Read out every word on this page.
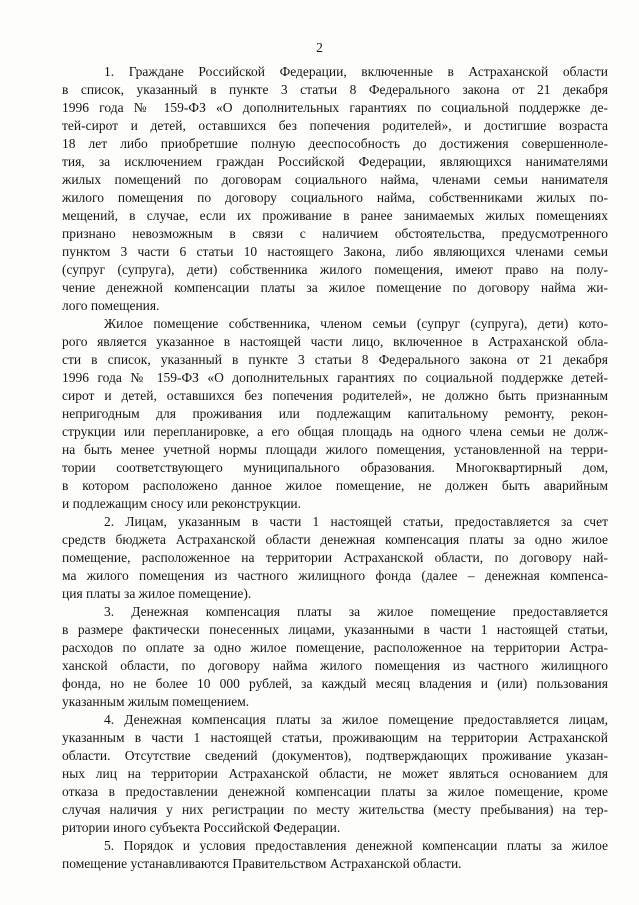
2
1. Граждане Российской Федерации, включенные в Астраханской области
в список, указанный в пункте 3 статьи 8 Федерального закона от 21 декабря
1996 года № 159-ФЗ «О дополнительных гарантиях по социальной поддержке де-
тей-сирот и детей, оставшихся без попечения родителей», и достигшие возраста
18 лет либо приобретшие полную дееспособность до достижения совершенноле-
тия, за исключением граждан Российской Федерации, являющихся нанимателями
жилых помещений по договорам социального найма, членами семьи нанимателя
жилого помещения по договору социального найма, собственниками жилых по-
мещений, в случае, если их проживание в ранее занимаемых жилых помещениях
признано невозможным в связи с наличием обстоятельства, предусмотренного
пунктом 3 части 6 статьи 10 настоящего Закона, либо являющихся членами семьи
(супруг (супруга), дети) собственника жилого помещения, имеют право на полу-
чение денежной компенсации платы за жилое помещение по договору найма жи-
лого помещения.
Жилое помещение собственника, членом семьи (супруг (супруга), дети) кото-
рого является указанное в настоящей части лицо, включенное в Астраханской обла-
сти в список, указанный в пункте 3 статьи 8 Федерального закона от 21 декабря
1996 года № 159-ФЗ «О дополнительных гарантиях по социальной поддержке детей-
сирот и детей, оставшихся без попечения родителей», не должно быть признанным
непригодным для проживания или подлежащим капитальному ремонту, рекон-
струкции или перепланировке, а его общая площадь на одного члена семьи не долж-
на быть менее учетной нормы площади жилого помещения, установленной на терри-
тории соответствующего муниципального образования. Многоквартирный дом,
в котором расположено данное жилое помещение, не должен быть аварийным
и подлежащим сносу или реконструкции.
2. Лицам, указанным в части 1 настоящей статьи, предоставляется за счет
средств бюджета Астраханской области денежная компенсация платы за одно жилое
помещение, расположенное на территории Астраханской области, по договору най-
ма жилого помещения из частного жилищного фонда (далее – денежная компенса-
ция платы за жилое помещение).
3. Денежная компенсация платы за жилое помещение предоставляется
в размере фактически понесенных лицами, указанными в части 1 настоящей статьи,
расходов по оплате за одно жилое помещение, расположенное на территории Астра-
ханской области, по договору найма жилого помещения из частного жилищного
фонда, но не более 10 000 рублей, за каждый месяц владения и (или) пользования
указанным жилым помещением.
4. Денежная компенсация платы за жилое помещение предоставляется лицам,
указанным в части 1 настоящей статьи, проживающим на территории Астраханской
области. Отсутствие сведений (документов), подтверждающих проживание указан-
ных лиц на территории Астраханской области, не может являться основанием для
отказа в предоставлении денежной компенсации платы за жилое помещение, кроме
случая наличия у них регистрации по месту жительства (месту пребывания) на тер-
ритории иного субъекта Российской Федерации.
5. Порядок и условия предоставления денежной компенсации платы за жилое
помещение устанавливаются Правительством Астраханской области.
